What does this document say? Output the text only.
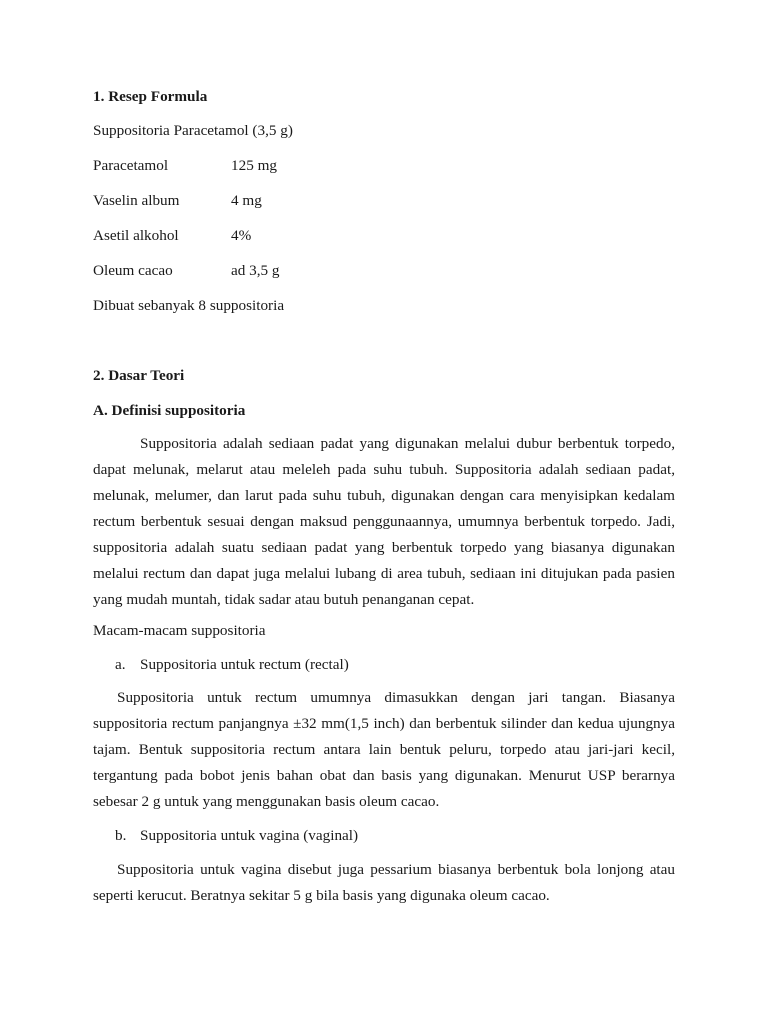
1. Resep Formula
Suppositoria Paracetamol (3,5 g)
Paracetamol	125 mg
Vaselin album	4 mg
Asetil alkohol	4%
Oleum cacao	ad 3,5 g
Dibuat sebanyak 8 suppositoria
2. Dasar Teori
A. Definisi suppositoria

Suppositoria adalah sediaan padat yang digunakan melalui dubur berbentuk torpedo, dapat melunak, melarut atau meleleh pada suhu tubuh. Suppositoria adalah sediaan padat, melunak, melumer, dan larut pada suhu tubuh, digunakan dengan cara menyisipkan kedalam rectum berbentuk sesuai dengan maksud penggunaannya, umumnya berbentuk torpedo. Jadi, suppositoria adalah suatu sediaan padat yang berbentuk torpedo yang biasanya digunakan melalui rectum dan dapat juga melalui lubang di area tubuh, sediaan ini ditujukan pada pasien yang mudah muntah, tidak sadar atau butuh penanganan cepat.

Macam-macam suppositoria
a. Suppositoria untuk rectum (rectal)

Suppositoria untuk rectum umumnya dimasukkan dengan jari tangan. Biasanya suppositoria rectum panjangnya ±32 mm(1,5 inch) dan berbentuk silinder dan kedua ujungnya tajam. Bentuk suppositoria rectum antara lain bentuk peluru, torpedo atau jari-jari kecil, tergantung pada bobot jenis bahan obat dan basis yang digunakan. Menurut USP berarnya sebesar 2 g untuk yang menggunakan basis oleum cacao.

b. Suppositoria untuk vagina (vaginal)

Suppositoria untuk vagina disebut juga pessarium biasanya berbentuk bola lonjong atau seperti kerucut. Beratnya sekitar 5 g bila basis yang digunaka oleum cacao.
